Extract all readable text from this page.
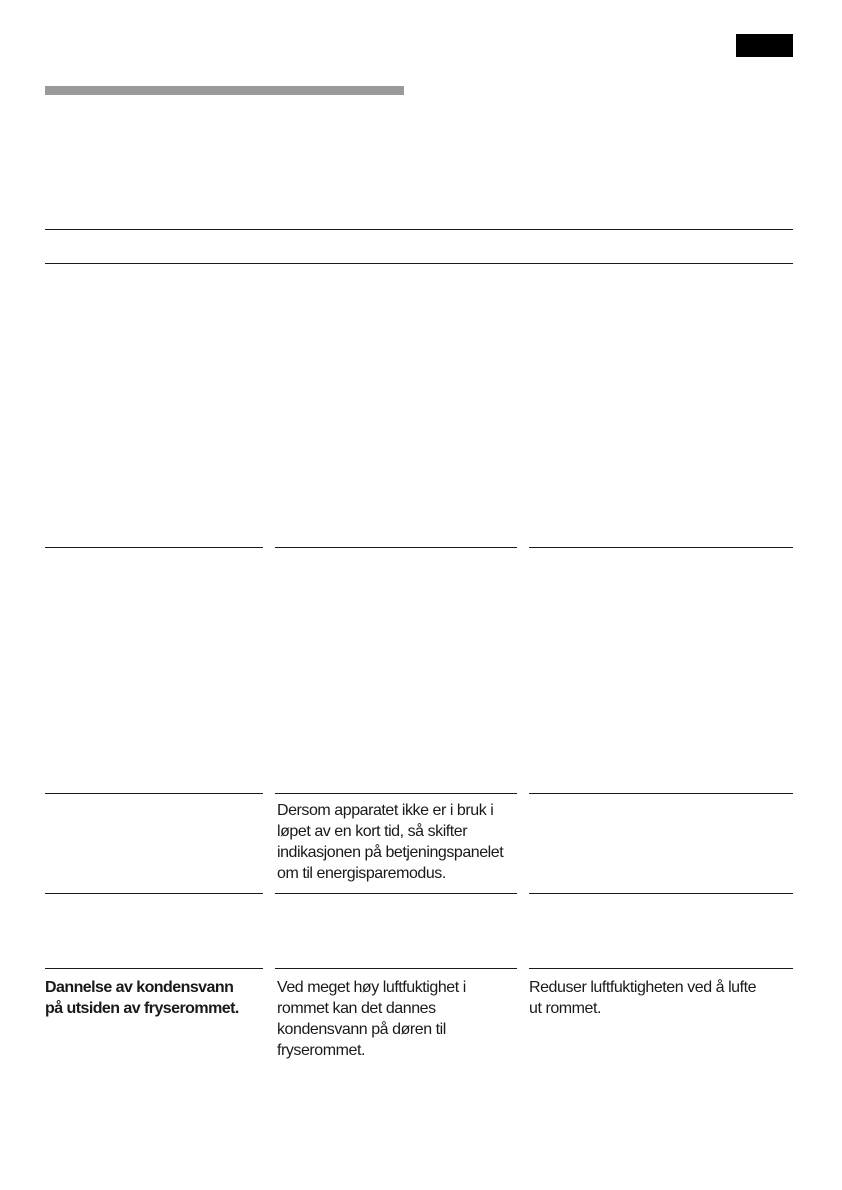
Dersom apparatet ikke er i bruk i
løpet av en kort tid, så skifter
indikasjonen på betjeningspanelet
om til energisparemodus.
Dannelse av kondensvann
på utsiden av fryserommet.
Ved meget høy luftfuktighet i
rommet kan det dannes
kondensvann på døren til
fryserommet.
Reduser luftfuktigheten ved å lufte
ut rommet.
